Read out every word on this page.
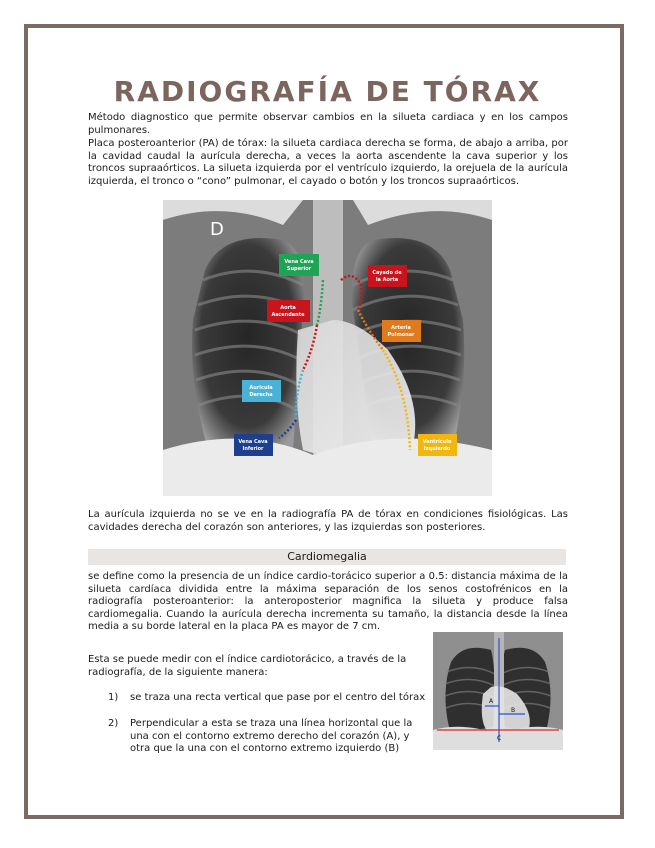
RADIOGRAFÍA DE TÓRAX

Método diagnostico que permite observar cambios en la silueta cardiaca y en los campos pulmonares.

Placa posteroanterior (PA) de tórax: la silueta cardiaca derecha se forma, de abajo a arriba, por la cavidad caudal la aurícula derecha, a veces la aorta ascendente la cava superior y los troncos supraaórticos. La silueta izquierda por el ventrículo izquierdo, la orejuela de la aurícula izquierda, el tronco o “cono” pulmonar, el cayado o botón y los troncos supraaórticos.

D
Vena Cava
Superior
Cayado de
la Aorta
Aorta
Ascendente
Arteria
Pulmonar
Auricula
Derecha
Vena Cava
Inferior
Ventrículo
Izquierdo

La aurícula izquierda no se ve en la radiografía PA de tórax en condiciones fisiológicas. Las cavidades derecha del corazón son anteriores, y las izquierdas son posteriores.

Cardiomegalia

se define como la presencia de un índice cardio-torácico superior a 0.5: distancia máxima de la silueta cardíaca dividida entre la máxima separación de los senos costofrénicos en la radiografía posteroanterior: la anteroposterior magnifica la silueta y produce falsa cardiomegalia. Cuando la aurícula derecha incrementa su tamaño, la distancia desde la línea media a su borde lateral en la placa PA es mayor de 7 cm.

Esta se puede medir con el índice cardiotorácico, a través de la radiografía, de la siguiente manera:

1) se traza una recta vertical que pase por el centro del tórax
2) Perpendicular a esta se traza una línea horizontal que la una con el contorno extremo derecho del corazón (A), y otra que la una con el contorno extremo izquierdo (B)
A
B
C
